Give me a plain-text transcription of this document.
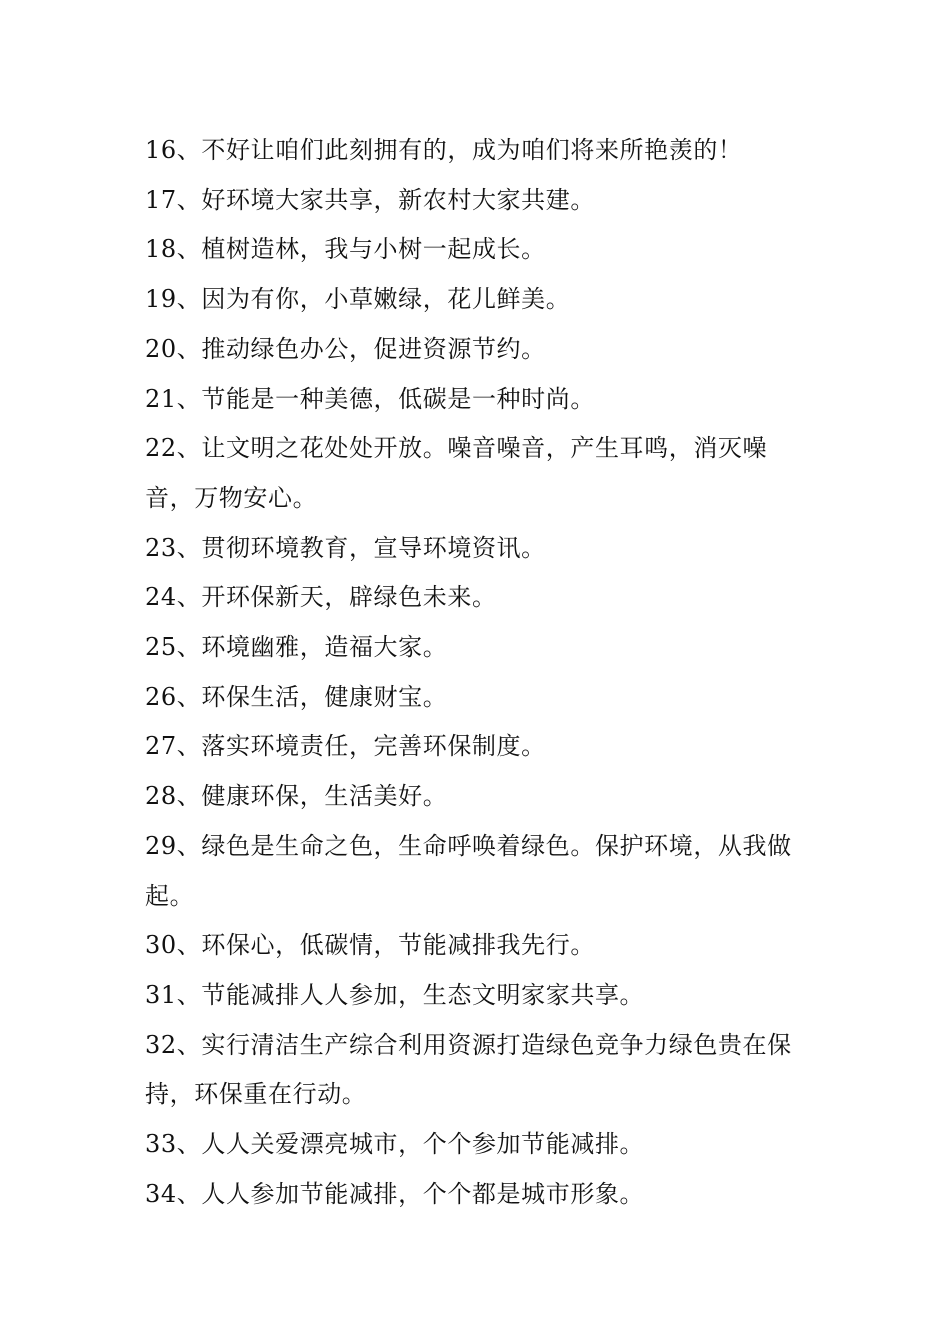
16、不好让咱们此刻拥有的，成为咱们将来所艳羡的！

17、好环境大家共享，新农村大家共建。

18、植树造林，我与小树一起成长。

19、因为有你，小草嫩绿，花儿鲜美。

20、推动绿色办公，促进资源节约。

21、节能是一种美德，低碳是一种时尚。

22、让文明之花处处开放。噪音噪音，产生耳鸣，消灭噪音，万物安心。

23、贯彻环境教育，宣导环境资讯。

24、开环保新天，辟绿色未来。

25、环境幽雅，造福大家。

26、环保生活，健康财宝。

27、落实环境责任，完善环保制度。

28、健康环保，生活美好。

29、绿色是生命之色，生命呼唤着绿色。保护环境，从我做起。

30、环保心，低碳情，节能减排我先行。

31、节能减排人人参加，生态文明家家共享。

32、实行清洁生产综合利用资源打造绿色竞争力绿色贵在保持，环保重在行动。

33、人人关爱漂亮城市，个个参加节能减排。

34、人人参加节能减排，个个都是城市形象。
